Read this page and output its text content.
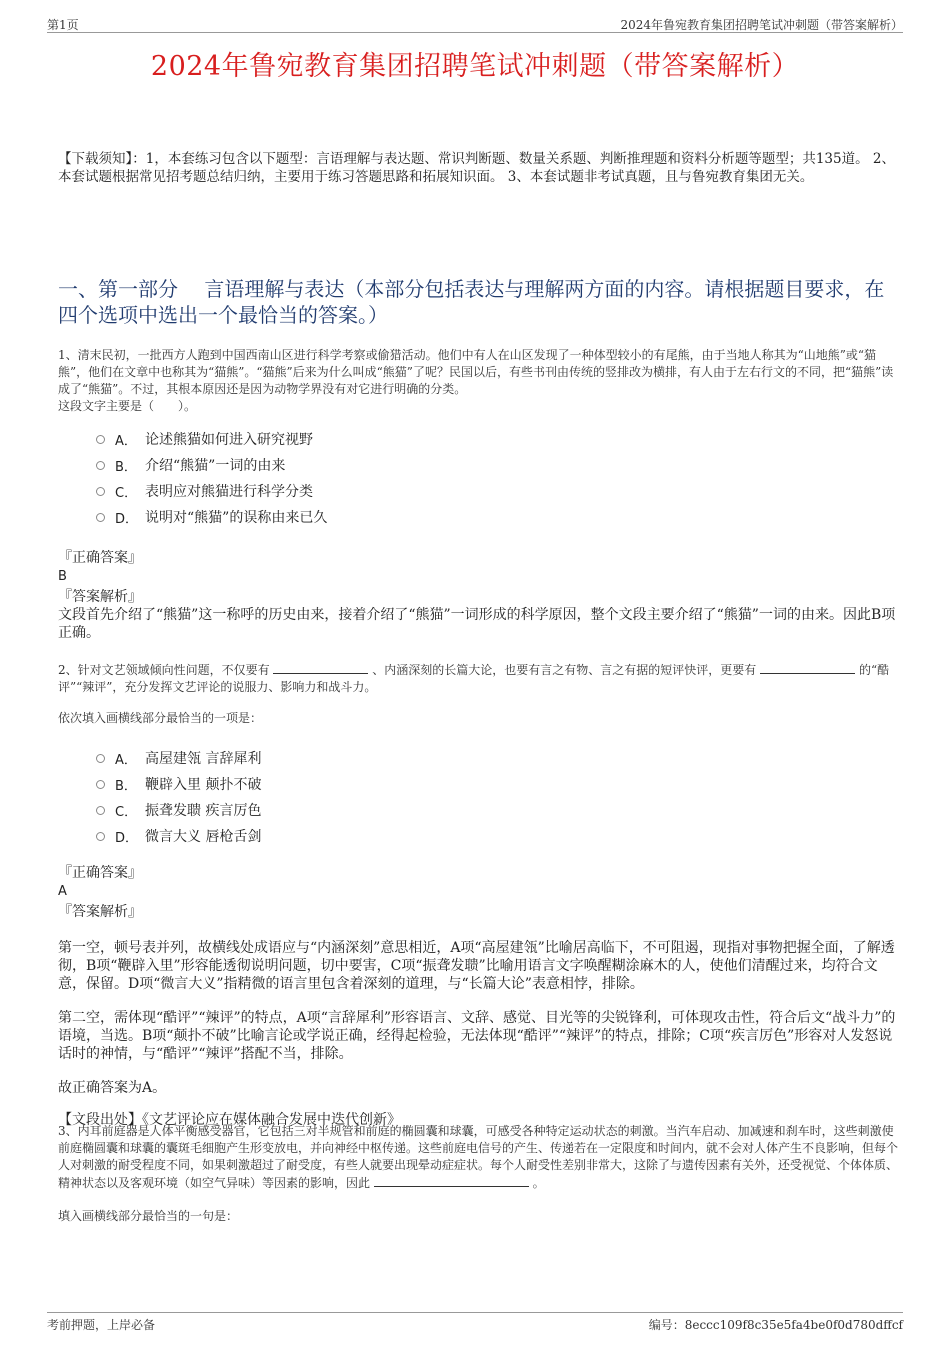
第1页	2024年鲁宛教育集团招聘笔试冲刺题（带答案解析）
2024年鲁宛教育集团招聘笔试冲刺题（带答案解析）
【下载须知】：1，本套练习包含以下题型：言语理解与表达题、常识判断题、数量关系题、判断推理题和资料分析题等题型；共135道。 2、本套试题根据常见招考题总结归纳，主要用于练习答题思路和拓展知识面。 3、本套试题非考试真题，且与鲁宛教育集团无关。
一、第一部分　 言语理解与表达（本部分包括表达与理解两方面的内容。请根据题目要求，在四个选项中选出一个最恰当的答案。）

1、清末民初，一批西方人跑到中国西南山区进行科学考察或偷猎活动。他们中有人在山区发现了一种体型较小的有尾熊，由于当地人称其为“山地熊”或“猫熊”，他们在文章中也称其为“猫熊”。“猫熊”后来为什么叫成“熊猫”了呢？民国以后，有些书刊由传统的竖排改为横排，有人由于左右行文的不同，把“猫熊”读成了“熊猫”。不过，其根本原因还是因为动物学界没有对它进行明确的分类。

这段文字主要是（　　）。

A． 论述熊猫如何进入研究视野
B． 介绍“熊猫”一词的由来
C． 表明应对熊猫进行科学分类
D． 说明对“熊猫”的误称由来已久

『正确答案』

B

『答案解析』

文段首先介绍了“熊猫”这一称呼的历史由来，接着介绍了“熊猫”一词形成的科学原因，整个文段主要介绍了“熊猫”一词的由来。因此B项正确。

2、针对文艺领域倾向性问题，不仅要有	、内涵深刻的长篇大论，也要有言之有物、言之有据的短评快评，更要有	的“酷评”“辣评”，充分发挥文艺评论的说服力、影响力和战斗力。

依次填入画横线部分最恰当的一项是：

A． 高屋建瓴 言辞犀利
B． 鞭辟入里 颠扑不破
C． 振聋发聩 疾言厉色
D． 微言大义 唇枪舌剑

『正确答案』

A

『答案解析』

第一空，顿号表并列，故横线处成语应与“内涵深刻”意思相近，A项“高屋建瓴”比喻居高临下，不可阻遏，现指对事物把握全面，了解透彻，B项“鞭辟入里”形容能透彻说明问题，切中要害，C项“振聋发聩”比喻用语言文字唤醒糊涂麻木的人，使他们清醒过来，均符合文意，保留。D项“微言大义”指精微的语言里包含着深刻的道理，与“长篇大论”表意相悖，排除。

第二空，需体现“酷评”“辣评”的特点，A项“言辞犀利”形容语言、文辞、感觉、目光等的尖锐锋利，可体现攻击性，符合后文“战斗力”的语境，当选。B项“颠扑不破”比喻言论或学说正确，经得起检验，无法体现“酷评”“辣评”的特点，排除；C项“疾言厉色”形容对人发怒说话时的神情，与“酷评”“辣评”搭配不当，排除。

故正确答案为A。

【文段出处】《文艺评论应在媒体融合发展中迭代创新》

3、内耳前庭器是人体平衡感受器官，它包括三对半规管和前庭的椭圆囊和球囊，可感受各种特定运动状态的刺激。当汽车启动、加减速和刹车时，这些刺激使前庭椭圆囊和球囊的囊斑毛细胞产生形变放电，并向神经中枢传递。这些前庭电信号的产生、传递若在一定限度和时间内，就不会对人体产生不良影响，但每个人对刺激的耐受程度不同，如果刺激超过了耐受度，有些人就要出现晕动症症状。每个人耐受性差别非常大，这除了与遗传因素有关外，还受视觉、个体体质、精神状态以及客观环境（如空气异味）等因素的影响，因此	。

填入画横线部分最恰当的一句是：

考前押题，上岸必备	编号：8eccc109f8c35e5fa4be0f0d780dffcf
